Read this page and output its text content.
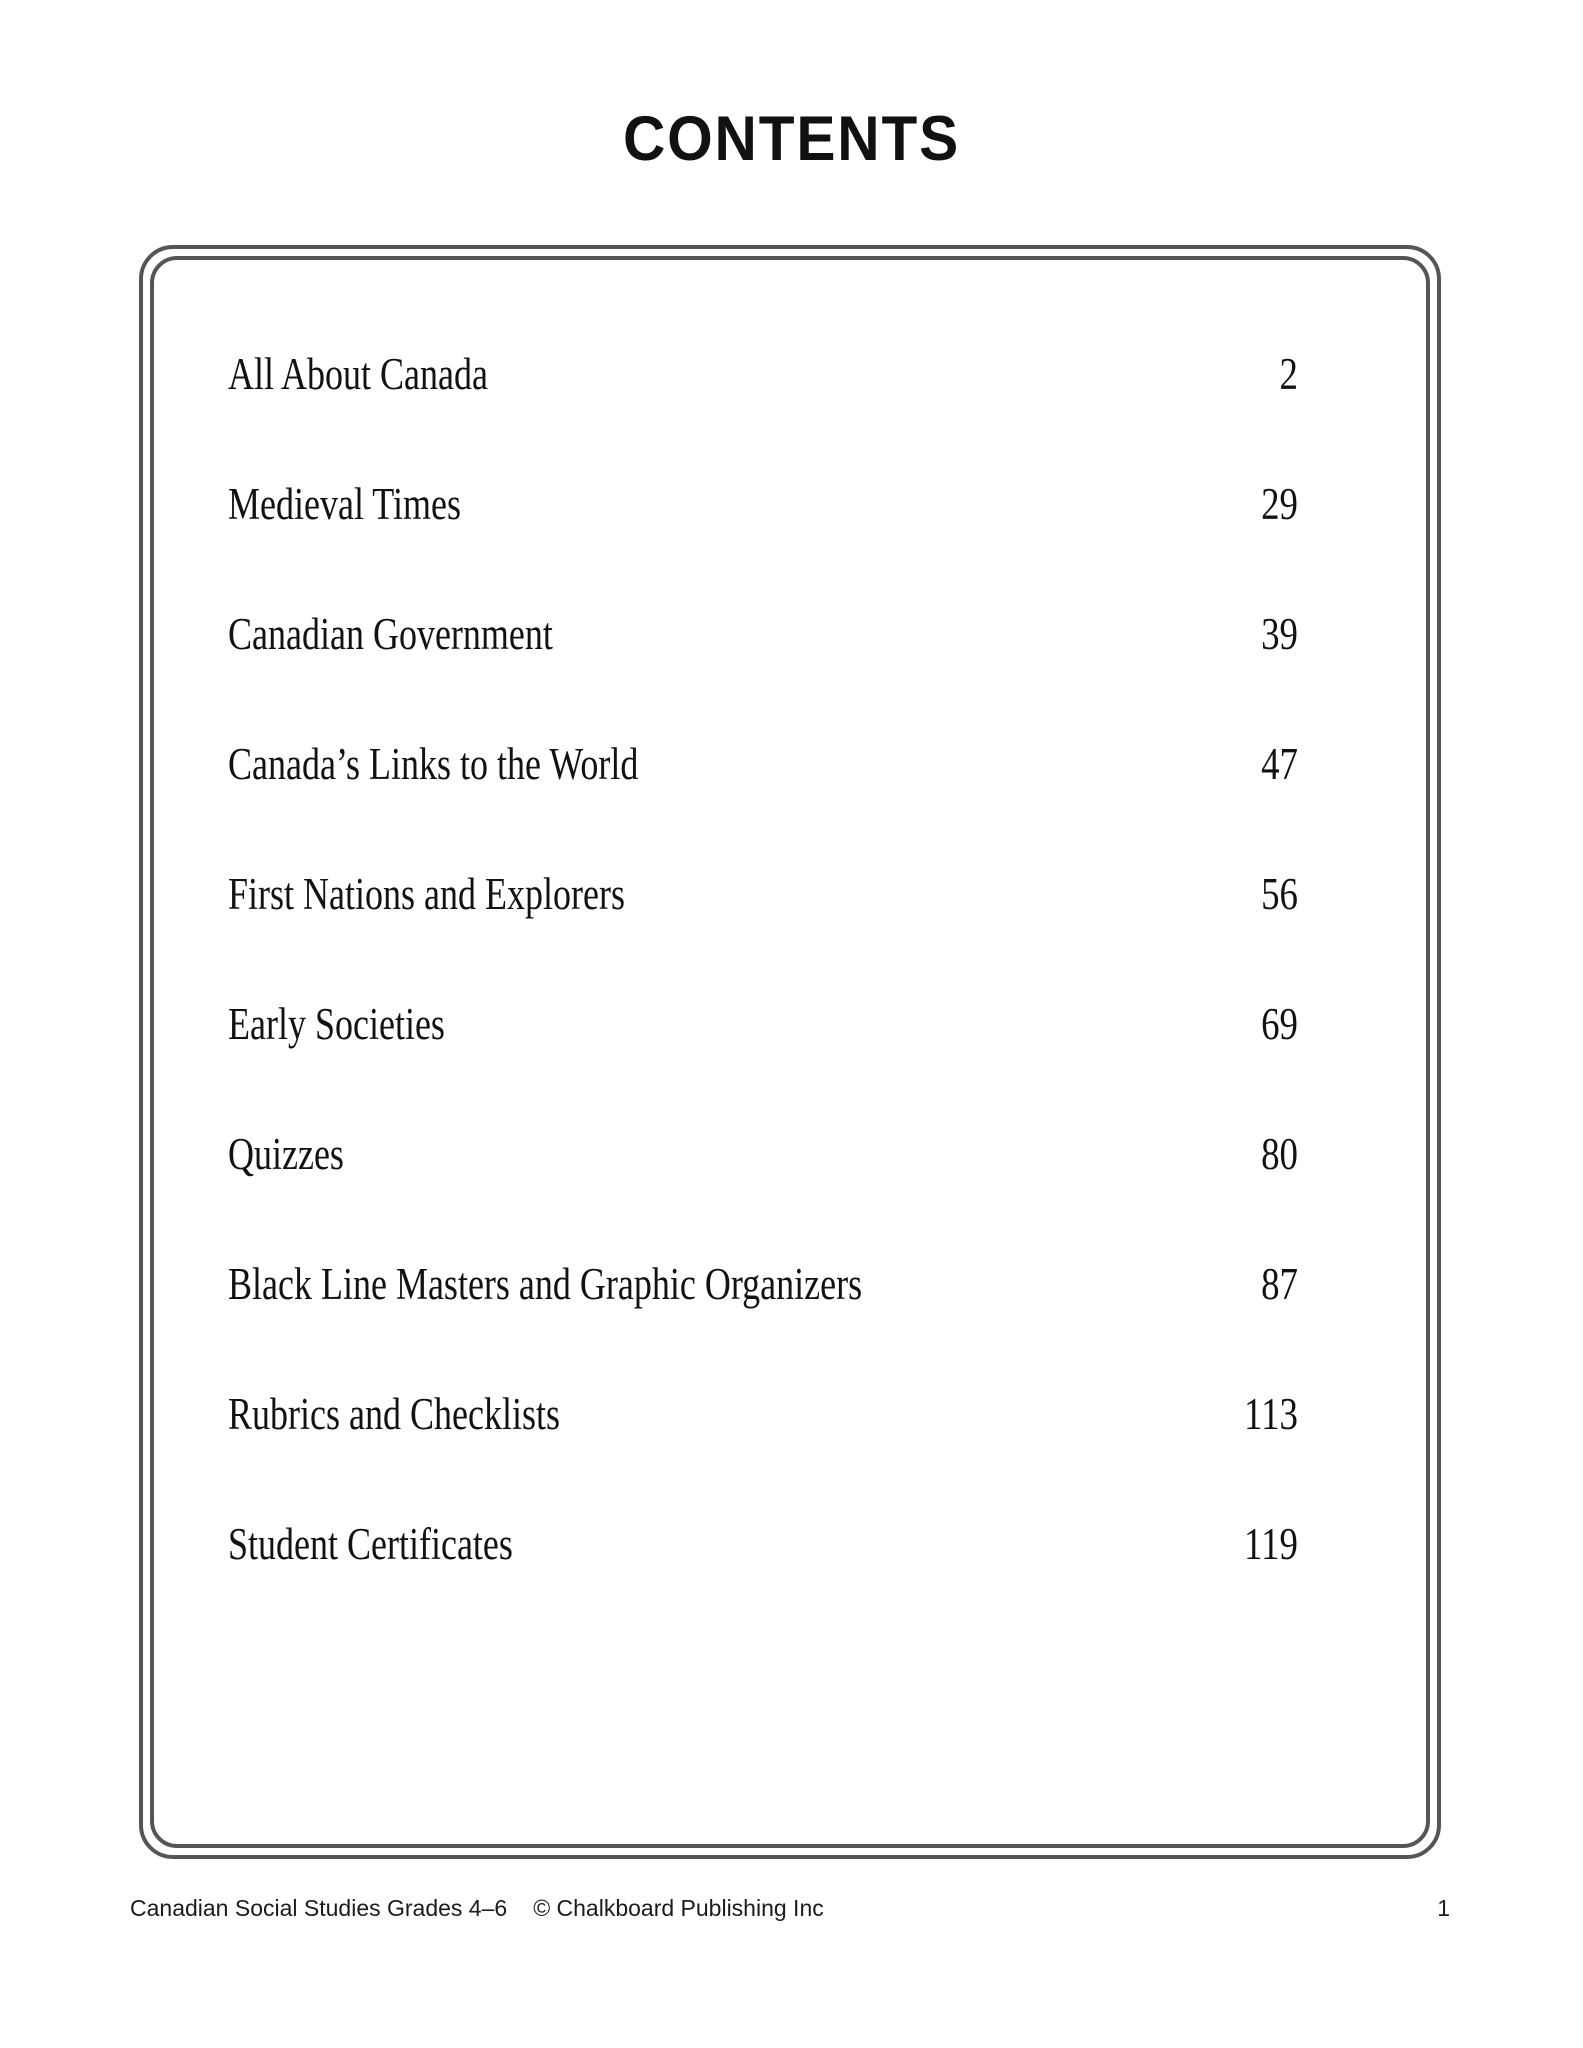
CONTENTS
All About Canada	2
Medieval Times	29
Canadian Government	39
Canada’s Links to the World	47
First Nations and Explorers	56
Early Societies	69
Quizzes	80
Black Line Masters and Graphic Organizers	87
Rubrics and Checklists	113
Student Certificates	119
Canadian Social Studies Grades 4–6 © Chalkboard Publishing Inc	1
